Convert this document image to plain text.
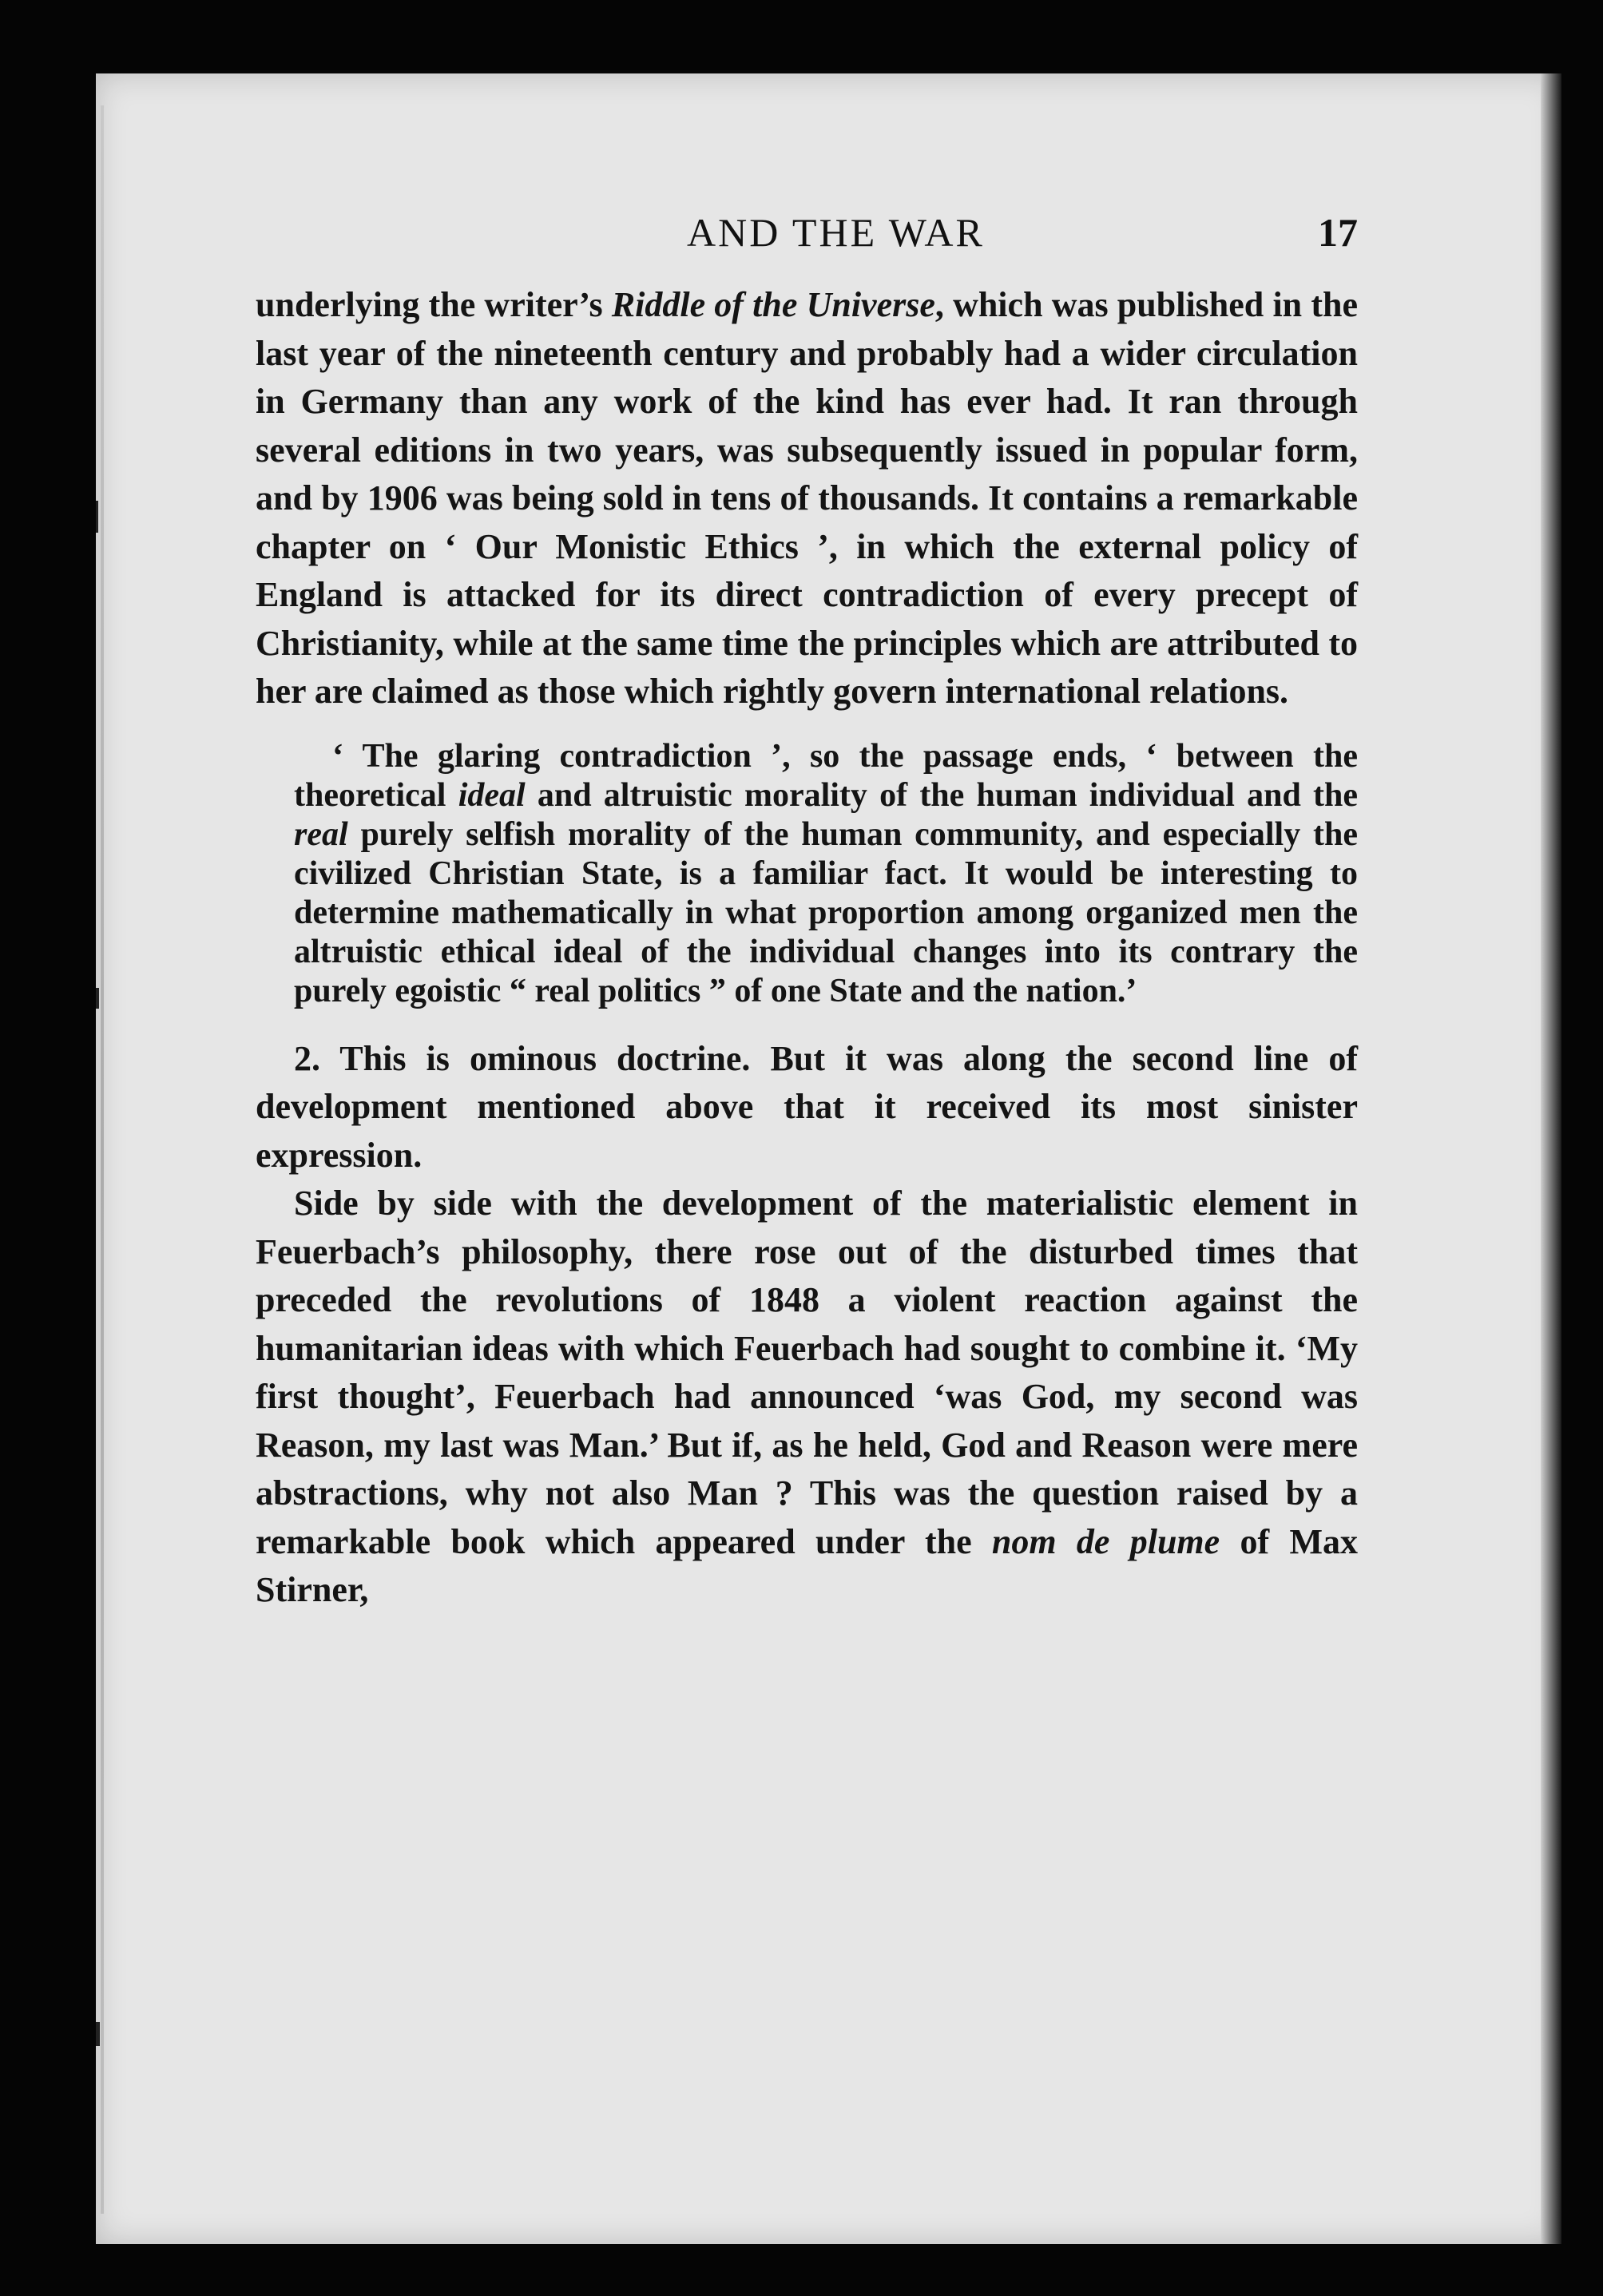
AND THE WAR	17

underlying the writer’s Riddle of the Universe, which was published in the last year of the nineteenth century and probably had a wider circulation in Germany than any work of the kind has ever had. It ran through several editions in two years, was subsequently issued in popular form, and by 1906 was being sold in tens of thousands. It contains a remarkable chapter on ‘ Our Monistic Ethics ’, in which the external policy of England is attacked for its direct contradiction of every precept of Christianity, while at the same time the principles which are attributed to her are claimed as those which rightly govern international relations.

‘ The glaring contradiction ’, so the passage ends, ‘ between the theoretical ideal and altruistic morality of the human individual and the real purely selfish morality of the human community, and especially the civilized Christian State, is a familiar fact. It would be interesting to determine mathematically in what proportion among organized men the altruistic ethical ideal of the individual changes into its contrary the purely egoistic “ real politics ” of one State and the nation.’

2. This is ominous doctrine. But it was along the second line of development mentioned above that it received its most sinister expression.

Side by side with the development of the materialistic element in Feuerbach’s philosophy, there rose out of the disturbed times that preceded the revolutions of 1848 a violent reaction against the humanitarian ideas with which Feuerbach had sought to combine it. ‘My first thought’, Feuerbach had announced ‘was God, my second was Reason, my last was Man.’ But if, as he held, God and Reason were mere abstractions, why not also Man ? This was the question raised by a remarkable book which appeared under the nom de plume of Max Stirner,
